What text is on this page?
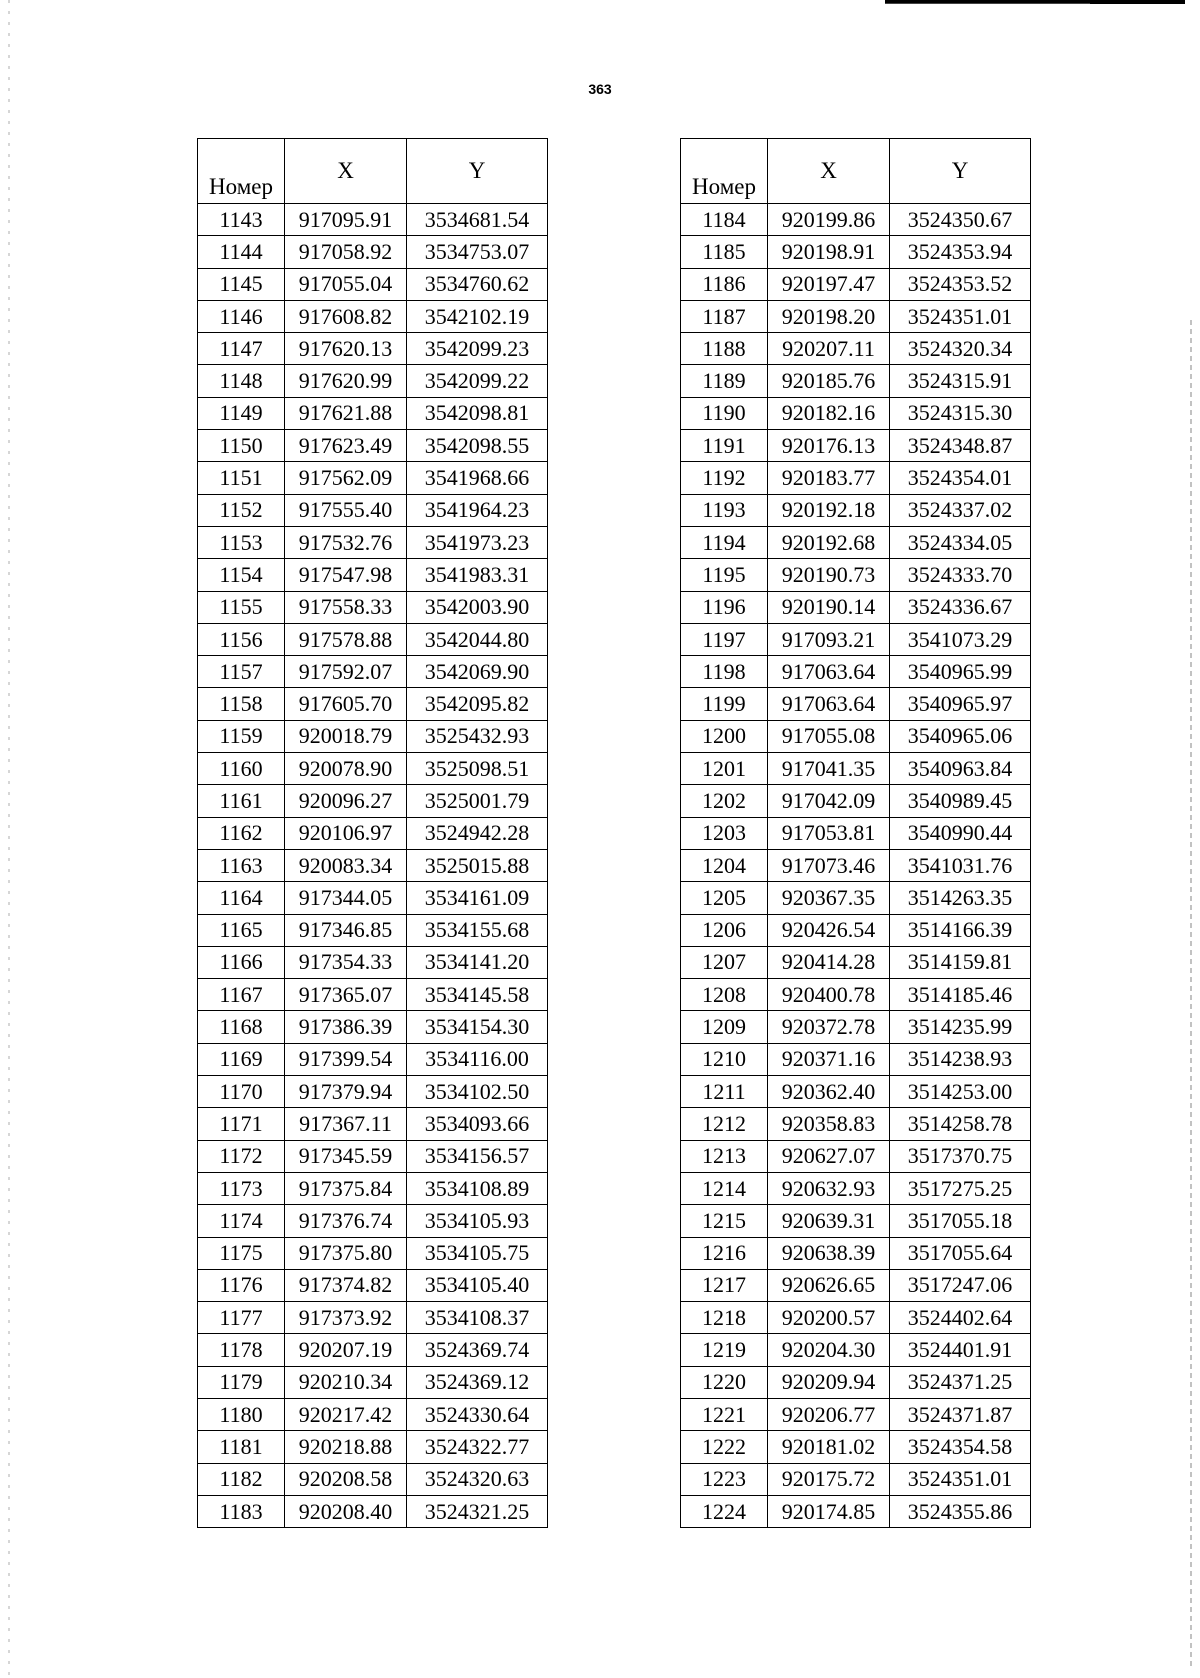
363
Номер	X	Y
1143	917095.91	3534681.54
1144	917058.92	3534753.07
1145	917055.04	3534760.62
1146	917608.82	3542102.19
1147	917620.13	3542099.23
1148	917620.99	3542099.22
1149	917621.88	3542098.81
1150	917623.49	3542098.55
1151	917562.09	3541968.66
1152	917555.40	3541964.23
1153	917532.76	3541973.23
1154	917547.98	3541983.31
1155	917558.33	3542003.90
1156	917578.88	3542044.80
1157	917592.07	3542069.90
1158	917605.70	3542095.82
1159	920018.79	3525432.93
1160	920078.90	3525098.51
1161	920096.27	3525001.79
1162	920106.97	3524942.28
1163	920083.34	3525015.88
1164	917344.05	3534161.09
1165	917346.85	3534155.68
1166	917354.33	3534141.20
1167	917365.07	3534145.58
1168	917386.39	3534154.30
1169	917399.54	3534116.00
1170	917379.94	3534102.50
1171	917367.11	3534093.66
1172	917345.59	3534156.57
1173	917375.84	3534108.89
1174	917376.74	3534105.93
1175	917375.80	3534105.75
1176	917374.82	3534105.40
1177	917373.92	3534108.37
1178	920207.19	3524369.74
1179	920210.34	3524369.12
1180	920217.42	3524330.64
1181	920218.88	3524322.77
1182	920208.58	3524320.63
1183	920208.40	3524321.25
Номер	X	Y
1184	920199.86	3524350.67
1185	920198.91	3524353.94
1186	920197.47	3524353.52
1187	920198.20	3524351.01
1188	920207.11	3524320.34
1189	920185.76	3524315.91
1190	920182.16	3524315.30
1191	920176.13	3524348.87
1192	920183.77	3524354.01
1193	920192.18	3524337.02
1194	920192.68	3524334.05
1195	920190.73	3524333.70
1196	920190.14	3524336.67
1197	917093.21	3541073.29
1198	917063.64	3540965.99
1199	917063.64	3540965.97
1200	917055.08	3540965.06
1201	917041.35	3540963.84
1202	917042.09	3540989.45
1203	917053.81	3540990.44
1204	917073.46	3541031.76
1205	920367.35	3514263.35
1206	920426.54	3514166.39
1207	920414.28	3514159.81
1208	920400.78	3514185.46
1209	920372.78	3514235.99
1210	920371.16	3514238.93
1211	920362.40	3514253.00
1212	920358.83	3514258.78
1213	920627.07	3517370.75
1214	920632.93	3517275.25
1215	920639.31	3517055.18
1216	920638.39	3517055.64
1217	920626.65	3517247.06
1218	920200.57	3524402.64
1219	920204.30	3524401.91
1220	920209.94	3524371.25
1221	920206.77	3524371.87
1222	920181.02	3524354.58
1223	920175.72	3524351.01
1224	920174.85	3524355.86
